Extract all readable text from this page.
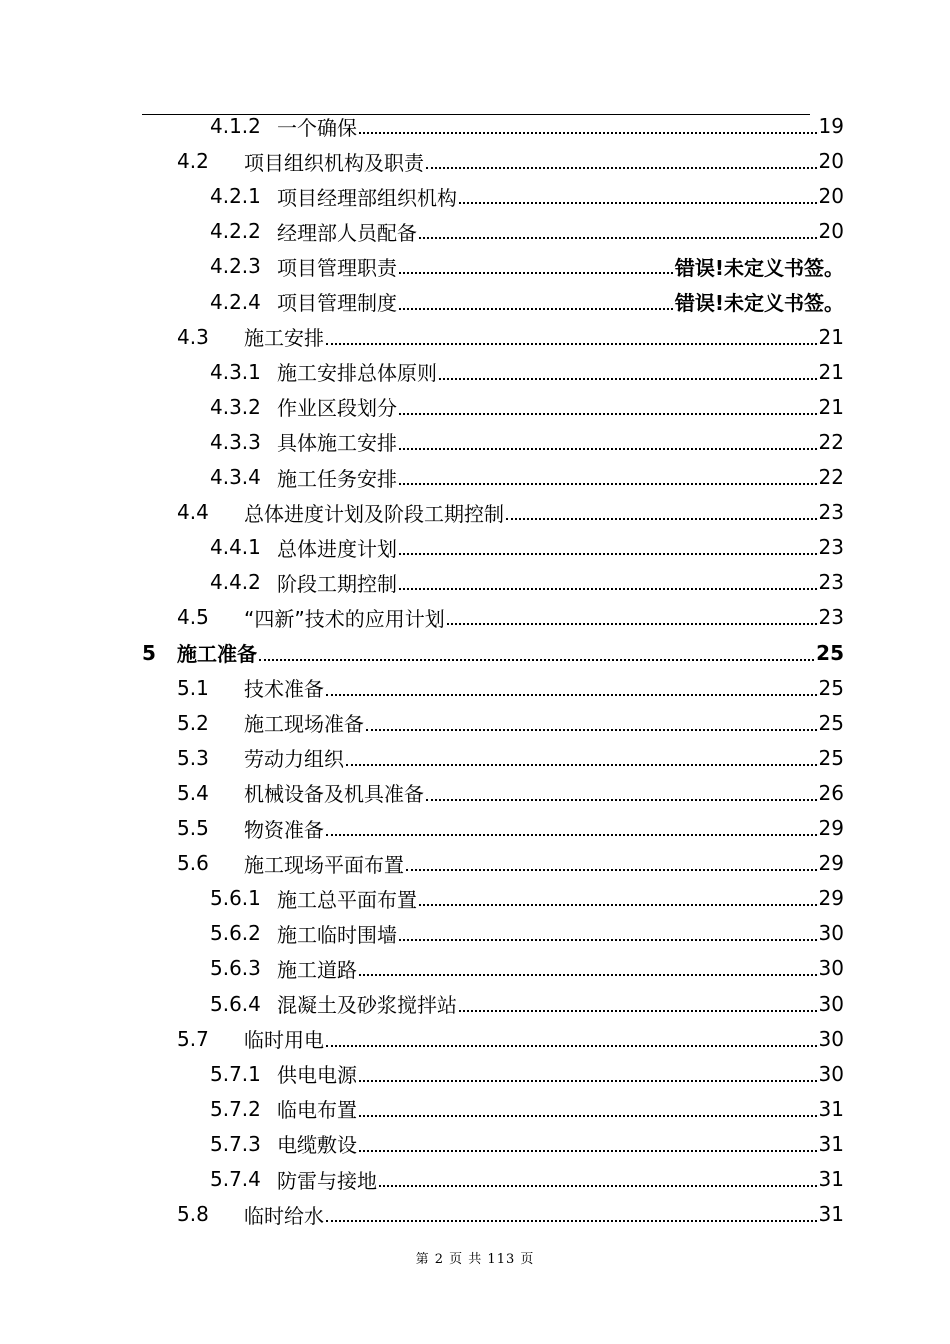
4.1.2 一个确保	19
4.2	项目组织机构及职责	20
4.2.1 项目经理部组织机构	20
4.2.2 经理部人员配备	20
4.2.3 项目管理职责	错误!未定义书签。
4.2.4 项目管理制度	错误!未定义书签。
4.3	施工安排	21
4.3.1 施工安排总体原则	21
4.3.2 作业区段划分	21
4.3.3 具体施工安排	22
4.3.4 施工任务安排	22
4.4	总体进度计划及阶段工期控制	23
4.4.1 总体进度计划	23
4.4.2 阶段工期控制	23
4.5	“四新”技术的应用计划	23
5	施工准备	25
5.1	技术准备	25
5.2	施工现场准备	25
5.3	劳动力组织	25
5.4	机械设备及机具准备	26
5.5	物资准备	29
5.6	施工现场平面布置	29
5.6.1 施工总平面布置	29
5.6.2 施工临时围墙	30
5.6.3 施工道路	30
5.6.4 混凝土及砂浆搅拌站	30
5.7	临时用电	30
5.7.1 供电电源	30
5.7.2 临电布置	31
5.7.3 电缆敷设	31
5.7.4 防雷与接地	31
5.8	临时给水	31
第 2 页 共 113 页
